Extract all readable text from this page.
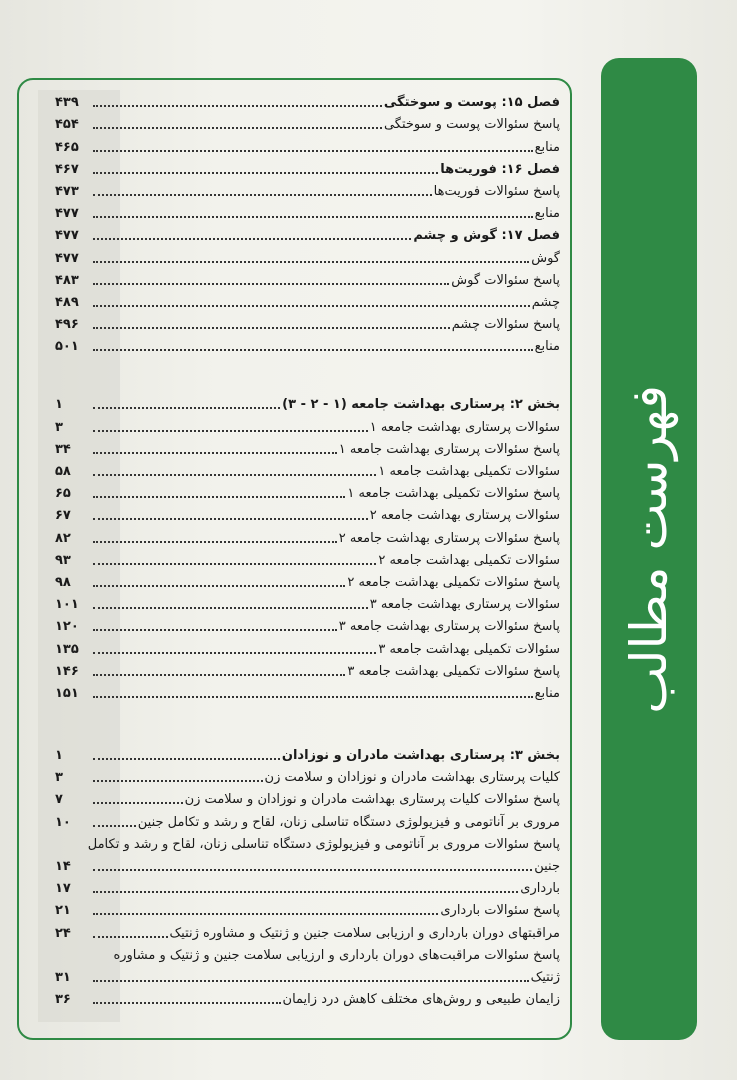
فهرست مطالب
فصل ۱۵: پوست و سوختگی
۴۳۹
پاسخ سئوالات پوست و سوختگی
۴۵۴
منابع
۴۶۵
فصل ۱۶: فوریت‌ها
۴۶۷
پاسخ سئوالات فوریت‌ها
۴۷۳
منابع
۴۷۷
فصل ۱۷: گوش و چشم
۴۷۷
گوش
۴۷۷
پاسخ سئوالات گوش
۴۸۳
چشم
۴۸۹
پاسخ سئوالات چشم
۴۹۶
منابع
۵۰۱
بخش ۲: پرستاری بهداشت جامعه (۱ - ۲ - ۳)
۱
سئوالات پرستاری بهداشت جامعه ۱
۳
پاسخ سئوالات پرستاری بهداشت جامعه ۱
۳۴
سئوالات تکمیلی بهداشت جامعه ۱
۵۸
پاسخ سئوالات تکمیلی بهداشت جامعه ۱
۶۵
سئوالات پرستاری بهداشت جامعه ۲
۶۷
پاسخ سئوالات پرستاری بهداشت جامعه ۲
۸۲
سئوالات تکمیلی بهداشت جامعه ۲
۹۳
پاسخ سئوالات تکمیلی بهداشت جامعه ۲
۹۸
سئوالات پرستاری بهداشت جامعه ۳
۱۰۱
پاسخ سئوالات پرستاری بهداشت جامعه ۳
۱۲۰
سئوالات تکمیلی بهداشت جامعه ۳
۱۳۵
پاسخ سئوالات تکمیلی بهداشت جامعه ۳
۱۴۶
منابع
۱۵۱
بخش ۳: پرستاری بهداشت مادران و نوزادان
۱
کلیات پرستاری بهداشت مادران و نوزادان و سلامت زن
۳
پاسخ سئوالات کلیات پرستاری بهداشت مادران و نوزادان و سلامت زن
۷
مروری بر آناتومی و فیزیولوژی دستگاه تناسلی زنان، لقاح و رشد و تکامل جنین
۱۰
پاسخ سئوالات مروری بر آناتومی و فیزیولوژی دستگاه تناسلی زنان، لقاح و رشد و تکامل
جنین
۱۴
بارداری
۱۷
پاسخ سئوالات بارداری
۲۱
مراقبتهای دوران بارداری و ارزیابی سلامت جنین و ژنتیک و مشاوره ژنتیک
۲۴
پاسخ سئوالات مراقبت‌های دوران بارداری و ارزیابی سلامت جنین و ژنتیک و مشاوره
ژنتیک
۳۱
زایمان طبیعی و روش‌های مختلف کاهش درد زایمان
۳۶
